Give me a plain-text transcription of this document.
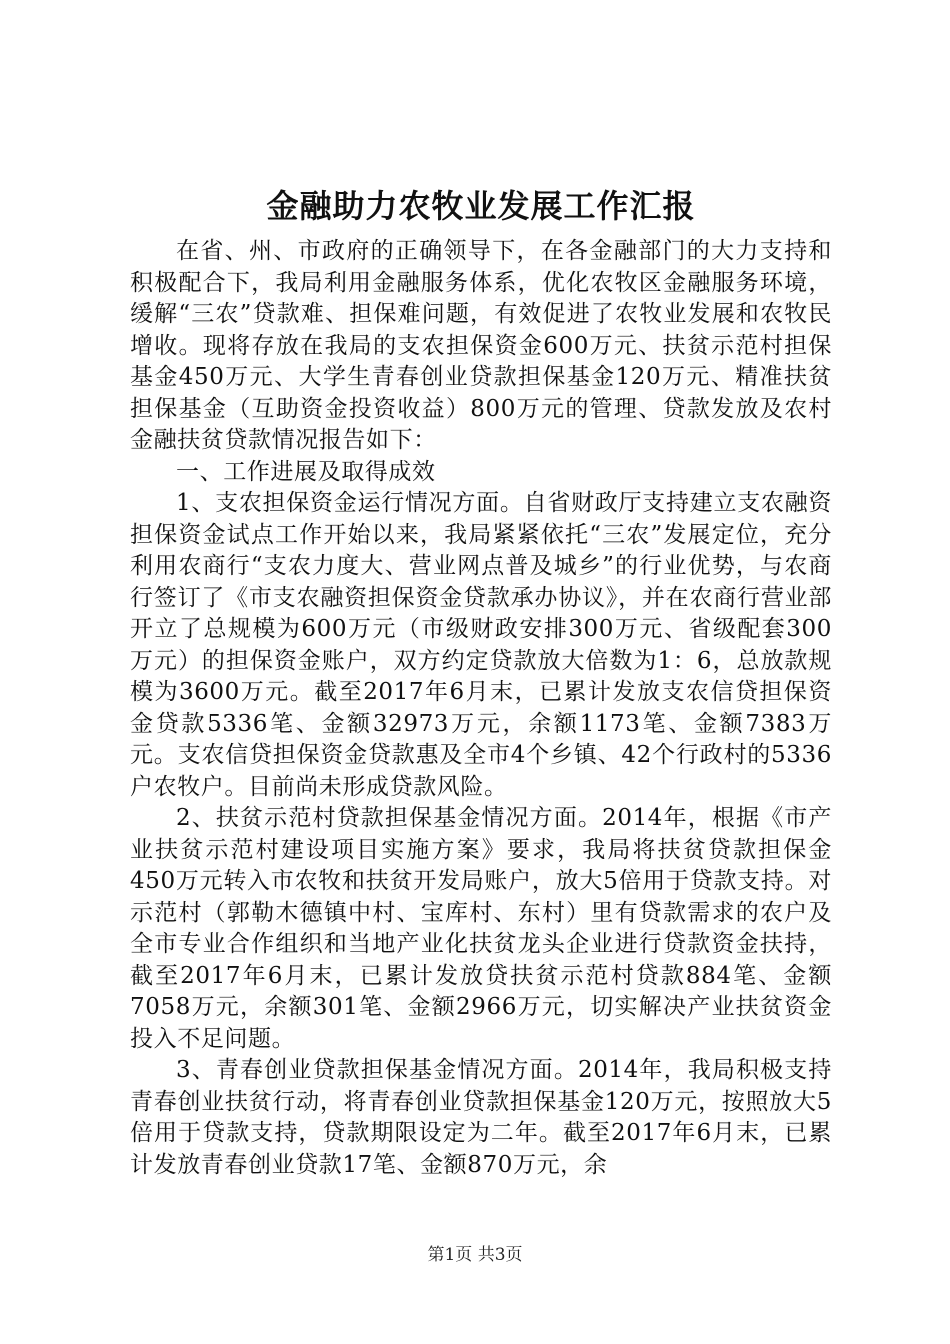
金融助力农牧业发展工作汇报

在省、州、市政府的正确领导下，在各金融部门的大力支持和积极配合下，我局利用金融服务体系，优化农牧区金融服务环境，缓解“三农”贷款难、担保难问题，有效促进了农牧业发展和农牧民增收。现将存放在我局的支农担保资金600万元、扶贫示范村担保基金450万元、大学生青春创业贷款担保基金120万元、精准扶贫担保基金（互助资金投资收益）800万元的管理、贷款发放及农村金融扶贫贷款情况报告如下：

一、工作进展及取得成效

1、支农担保资金运行情况方面。自省财政厅支持建立支农融资担保资金试点工作开始以来，我局紧紧依托“三农”发展定位，充分利用农商行“支农力度大、营业网点普及城乡”的行业优势，与农商行签订了《市支农融资担保资金贷款承办协议》，并在农商行营业部开立了总规模为600万元（市级财政安排300万元、省级配套300万元）的担保资金账户，双方约定贷款放大倍数为1：6，总放款规模为3600万元。截至2017年6月末，已累计发放支农信贷担保资金贷款5336笔、金额32973万元，余额1173笔、金额7383万元。支农信贷担保资金贷款惠及全市4个乡镇、42个行政村的5336户农牧户。目前尚未形成贷款风险。

2、扶贫示范村贷款担保基金情况方面。2014年，根据《市产业扶贫示范村建设项目实施方案》要求，我局将扶贫贷款担保金450万元转入市农牧和扶贫开发局账户，放大5倍用于贷款支持。对示范村（郭勒木德镇中村、宝库村、东村）里有贷款需求的农户及全市专业合作组织和当地产业化扶贫龙头企业进行贷款资金扶持，截至2017年6月末，已累计发放贷扶贫示范村贷款884笔、金额7058万元，余额301笔、金额2966万元，切实解决产业扶贫资金投入不足问题。

3、青春创业贷款担保基金情况方面。2014年，我局积极支持青春创业扶贫行动，将青春创业贷款担保基金120万元，按照放大5倍用于贷款支持，贷款期限设定为二年。截至2017年6月末，已累计发放青春创业贷款17笔、金额870万元，余

第1页 共3页
